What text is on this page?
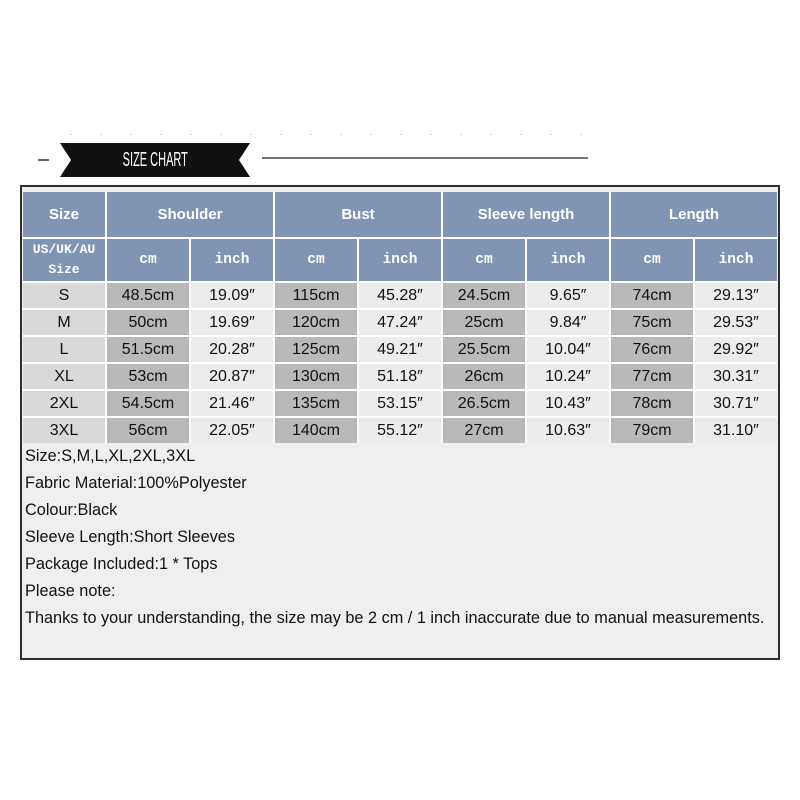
SIZE CHART
Size	Shoulder	Bust	Sleeve length	Length
US/UK/AU
Size
cm	inch	cm	inch	cm	inch	cm	inch
S	48.5cm	19.09″	115cm	45.28″	24.5cm	9.65″	74cm	29.13″
M	50cm	19.69″	120cm	47.24″	25cm	9.84″	75cm	29.53″
L	51.5cm	20.28″	125cm	49.21″	25.5cm	10.04″	76cm	29.92″
XL	53cm	20.87″	130cm	51.18″	26cm	10.24″	77cm	30.31″
2XL	54.5cm	21.46″	135cm	53.15″	26.5cm	10.43″	78cm	30.71″
3XL	56cm	22.05″	140cm	55.12″	27cm	10.63″	79cm	31.10″
Size:S,M,L,XL,2XL,3XL
Fabric Material:100%Polyester
Colour:Black
Sleeve Length:Short Sleeves
Package Included:1 * Tops
Please note:
Thanks to your understanding, the size may be 2 cm / 1 inch inaccurate due to manual measurements.
